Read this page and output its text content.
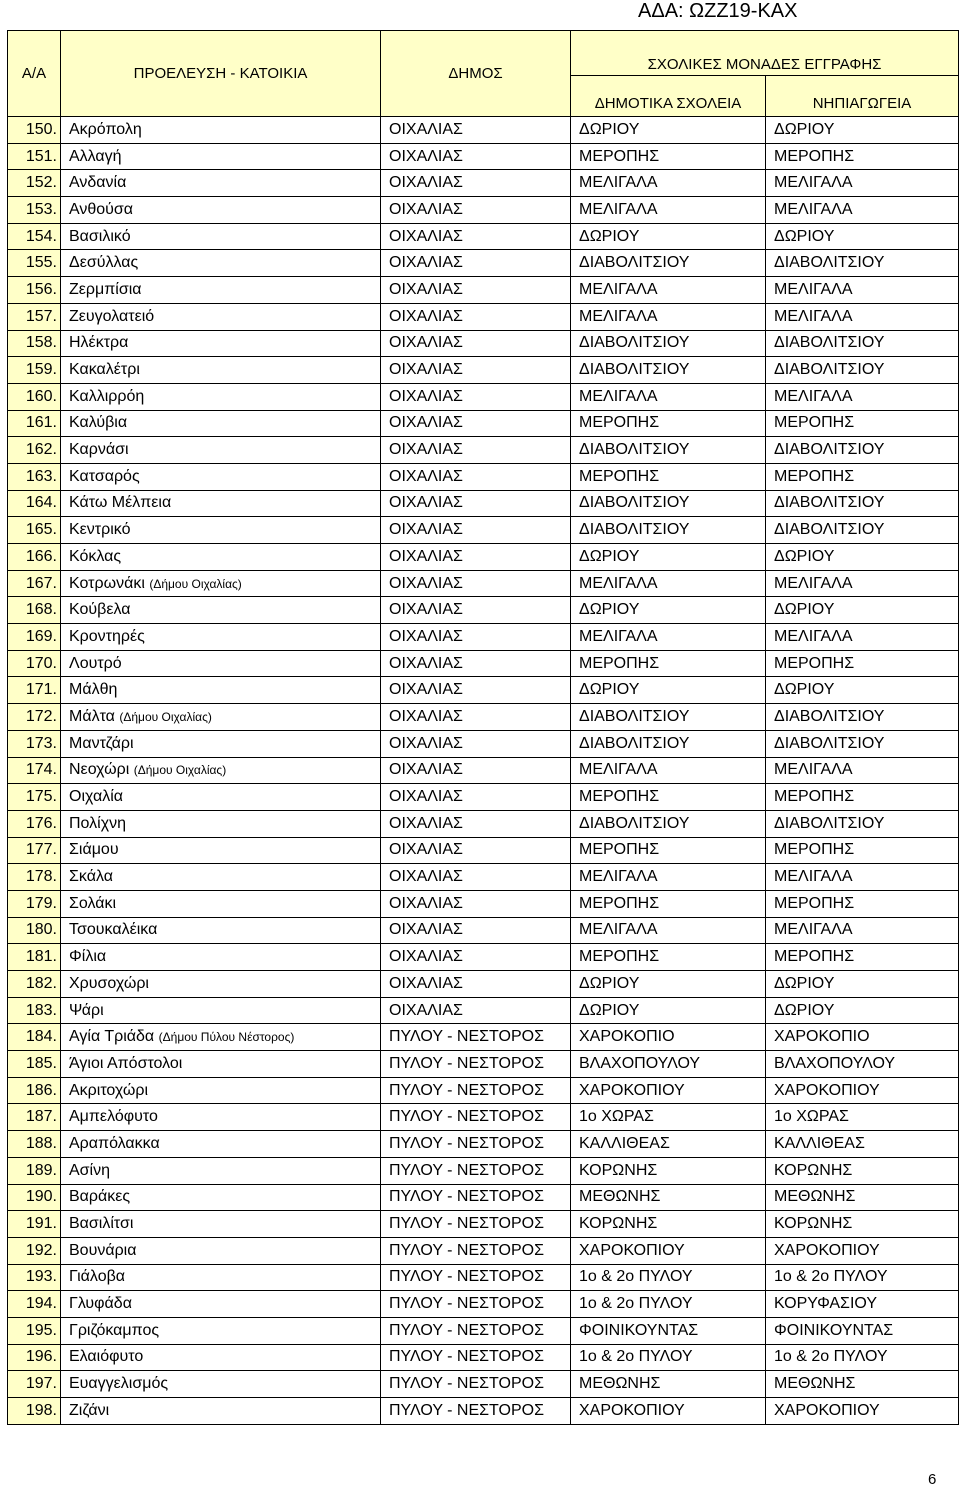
ΑΔΑ: ΩΖΖ19-ΚΑΧ
Α/Α	ΠΡΟΕΛΕΥΣΗ - ΚΑΤΟΙΚΙΑ	ΔΗΜΟΣ	ΣΧΟΛΙΚΕΣ ΜΟΝΑΔΕΣ ΕΓΓΡΑΦΗΣ	
			ΔΗΜΟΤΙΚΑ ΣΧΟΛΕΙΑ	ΝΗΠΙΑΓΩΓΕΙΑ
150.	Ακρόπολη	ΟΙΧΑΛΙΑΣ	ΔΩΡΙΟΥ	ΔΩΡΙΟΥ
151.	Αλλαγή	ΟΙΧΑΛΙΑΣ	ΜΕΡΟΠΗΣ	ΜΕΡΟΠΗΣ
152.	Ανδανία	ΟΙΧΑΛΙΑΣ	ΜΕΛΙΓΑΛΑ	ΜΕΛΙΓΑΛΑ
153.	Ανθούσα	ΟΙΧΑΛΙΑΣ	ΜΕΛΙΓΑΛΑ	ΜΕΛΙΓΑΛΑ
154.	Βασιλικό	ΟΙΧΑΛΙΑΣ	ΔΩΡΙΟΥ	ΔΩΡΙΟΥ
155.	Δεσύλλας	ΟΙΧΑΛΙΑΣ	ΔΙΑΒΟΛΙΤΣΙΟΥ	ΔΙΑΒΟΛΙΤΣΙΟΥ
156.	Ζερμπίσια	ΟΙΧΑΛΙΑΣ	ΜΕΛΙΓΑΛΑ	ΜΕΛΙΓΑΛΑ
157.	Ζευγολατειό	ΟΙΧΑΛΙΑΣ	ΜΕΛΙΓΑΛΑ	ΜΕΛΙΓΑΛΑ
158.	Ηλέκτρα	ΟΙΧΑΛΙΑΣ	ΔΙΑΒΟΛΙΤΣΙΟΥ	ΔΙΑΒΟΛΙΤΣΙΟΥ
159.	Κακαλέτρι	ΟΙΧΑΛΙΑΣ	ΔΙΑΒΟΛΙΤΣΙΟΥ	ΔΙΑΒΟΛΙΤΣΙΟΥ
160.	Καλλιρρόη	ΟΙΧΑΛΙΑΣ	ΜΕΛΙΓΑΛΑ	ΜΕΛΙΓΑΛΑ
161.	Καλύβια	ΟΙΧΑΛΙΑΣ	ΜΕΡΟΠΗΣ	ΜΕΡΟΠΗΣ
162.	Καρνάσι	ΟΙΧΑΛΙΑΣ	ΔΙΑΒΟΛΙΤΣΙΟΥ	ΔΙΑΒΟΛΙΤΣΙΟΥ
163.	Κατσαρός	ΟΙΧΑΛΙΑΣ	ΜΕΡΟΠΗΣ	ΜΕΡΟΠΗΣ
164.	Κάτω Μέλπεια	ΟΙΧΑΛΙΑΣ	ΔΙΑΒΟΛΙΤΣΙΟΥ	ΔΙΑΒΟΛΙΤΣΙΟΥ
165.	Κεντρικό	ΟΙΧΑΛΙΑΣ	ΔΙΑΒΟΛΙΤΣΙΟΥ	ΔΙΑΒΟΛΙΤΣΙΟΥ
166.	Κόκλας	ΟΙΧΑΛΙΑΣ	ΔΩΡΙΟΥ	ΔΩΡΙΟΥ
167.	Κοτρωνάκι (Δήμου Οιχαλίας)	ΟΙΧΑΛΙΑΣ	ΜΕΛΙΓΑΛΑ	ΜΕΛΙΓΑΛΑ
168.	Κούβελα	ΟΙΧΑΛΙΑΣ	ΔΩΡΙΟΥ	ΔΩΡΙΟΥ
169.	Κροντηρές	ΟΙΧΑΛΙΑΣ	ΜΕΛΙΓΑΛΑ	ΜΕΛΙΓΑΛΑ
170.	Λουτρό	ΟΙΧΑΛΙΑΣ	ΜΕΡΟΠΗΣ	ΜΕΡΟΠΗΣ
171.	Μάλθη	ΟΙΧΑΛΙΑΣ	ΔΩΡΙΟΥ	ΔΩΡΙΟΥ
172.	Μάλτα (Δήμου Οιχαλίας)	ΟΙΧΑΛΙΑΣ	ΔΙΑΒΟΛΙΤΣΙΟΥ	ΔΙΑΒΟΛΙΤΣΙΟΥ
173.	Μαντζάρι	ΟΙΧΑΛΙΑΣ	ΔΙΑΒΟΛΙΤΣΙΟΥ	ΔΙΑΒΟΛΙΤΣΙΟΥ
174.	Νεοχώρι (Δήμου Οιχαλίας)	ΟΙΧΑΛΙΑΣ	ΜΕΛΙΓΑΛΑ	ΜΕΛΙΓΑΛΑ
175.	Οιχαλία	ΟΙΧΑΛΙΑΣ	ΜΕΡΟΠΗΣ	ΜΕΡΟΠΗΣ
176.	Πολίχνη	ΟΙΧΑΛΙΑΣ	ΔΙΑΒΟΛΙΤΣΙΟΥ	ΔΙΑΒΟΛΙΤΣΙΟΥ
177.	Σιάμου	ΟΙΧΑΛΙΑΣ	ΜΕΡΟΠΗΣ	ΜΕΡΟΠΗΣ
178.	Σκάλα	ΟΙΧΑΛΙΑΣ	ΜΕΛΙΓΑΛΑ	ΜΕΛΙΓΑΛΑ
179.	Σολάκι	ΟΙΧΑΛΙΑΣ	ΜΕΡΟΠΗΣ	ΜΕΡΟΠΗΣ
180.	Τσουκαλέικα	ΟΙΧΑΛΙΑΣ	ΜΕΛΙΓΑΛΑ	ΜΕΛΙΓΑΛΑ
181.	Φίλια	ΟΙΧΑΛΙΑΣ	ΜΕΡΟΠΗΣ	ΜΕΡΟΠΗΣ
182.	Χρυσοχώρι	ΟΙΧΑΛΙΑΣ	ΔΩΡΙΟΥ	ΔΩΡΙΟΥ
183.	Ψάρι	ΟΙΧΑΛΙΑΣ	ΔΩΡΙΟΥ	ΔΩΡΙΟΥ
184.	Αγία Τριάδα (Δήμου Πύλου Νέστορος)	ΠΥΛΟΥ - ΝΕΣΤΟΡΟΣ	ΧΑΡΟΚΟΠΙΟ	ΧΑΡΟΚΟΠΙΟ
185.	Άγιοι Απόστολοι	ΠΥΛΟΥ - ΝΕΣΤΟΡΟΣ	ΒΛΑΧΟΠΟΥΛΟΥ	ΒΛΑΧΟΠΟΥΛΟΥ
186.	Ακριτοχώρι	ΠΥΛΟΥ - ΝΕΣΤΟΡΟΣ	ΧΑΡΟΚΟΠΙΟΥ	ΧΑΡΟΚΟΠΙΟΥ
187.	Αμπελόφυτο	ΠΥΛΟΥ - ΝΕΣΤΟΡΟΣ	1ο ΧΩΡΑΣ	1ο ΧΩΡΑΣ
188.	Αραπόλακκα	ΠΥΛΟΥ - ΝΕΣΤΟΡΟΣ	ΚΑΛΛΙΘΕΑΣ	ΚΑΛΛΙΘΕΑΣ
189.	Ασίνη	ΠΥΛΟΥ - ΝΕΣΤΟΡΟΣ	ΚΟΡΩΝΗΣ	ΚΟΡΩΝΗΣ
190.	Βαράκες	ΠΥΛΟΥ - ΝΕΣΤΟΡΟΣ	ΜΕΘΩΝΗΣ	ΜΕΘΩΝΗΣ
191.	Βασιλίτσι	ΠΥΛΟΥ - ΝΕΣΤΟΡΟΣ	ΚΟΡΩΝΗΣ	ΚΟΡΩΝΗΣ
192.	Βουνάρια	ΠΥΛΟΥ - ΝΕΣΤΟΡΟΣ	ΧΑΡΟΚΟΠΙΟΥ	ΧΑΡΟΚΟΠΙΟΥ
193.	Γιάλοβα	ΠΥΛΟΥ - ΝΕΣΤΟΡΟΣ	1ο & 2ο ΠΥΛΟΥ	1ο & 2ο ΠΥΛΟΥ
194.	Γλυφάδα	ΠΥΛΟΥ - ΝΕΣΤΟΡΟΣ	1ο & 2ο ΠΥΛΟΥ	ΚΟΡΥΦΑΣΙΟΥ
195.	Γριζόκαμπος	ΠΥΛΟΥ - ΝΕΣΤΟΡΟΣ	ΦΟΙΝΙΚΟΥΝΤΑΣ	ΦΟΙΝΙΚΟΥΝΤΑΣ
196.	Ελαιόφυτο	ΠΥΛΟΥ - ΝΕΣΤΟΡΟΣ	1ο & 2ο ΠΥΛΟΥ	1ο & 2ο ΠΥΛΟΥ
197.	Ευαγγελισμός	ΠΥΛΟΥ - ΝΕΣΤΟΡΟΣ	ΜΕΘΩΝΗΣ	ΜΕΘΩΝΗΣ
198.	Ζιζάνι	ΠΥΛΟΥ - ΝΕΣΤΟΡΟΣ	ΧΑΡΟΚΟΠΙΟΥ	ΧΑΡΟΚΟΠΙΟΥ
6
